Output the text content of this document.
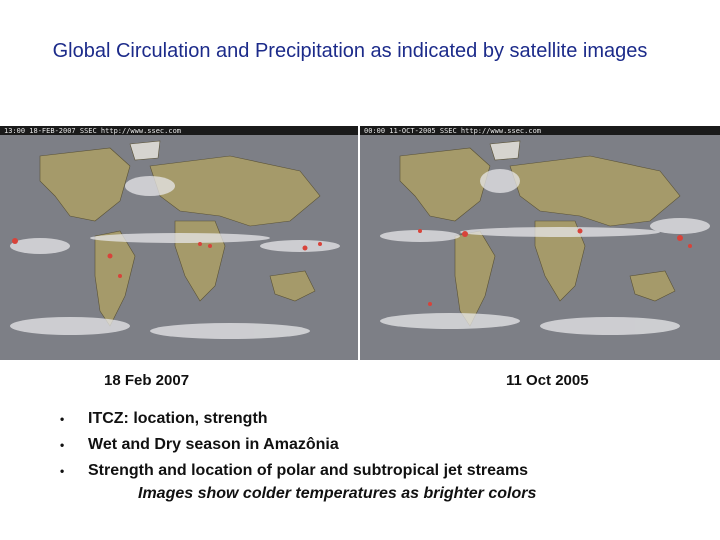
Global Circulation and Precipitation as indicated by satellite images
13:00 18-FEB-2007 SSEC http://www.ssec.com	00:00 11-OCT-2005 SSEC http://www.ssec.com
18 Feb 2007	11 Oct 2005
• ITCZ: location, strength
• Wet and Dry season in Amazônia
• Strength and location of polar and subtropical jet streams
Images show colder temperatures as brighter colors
